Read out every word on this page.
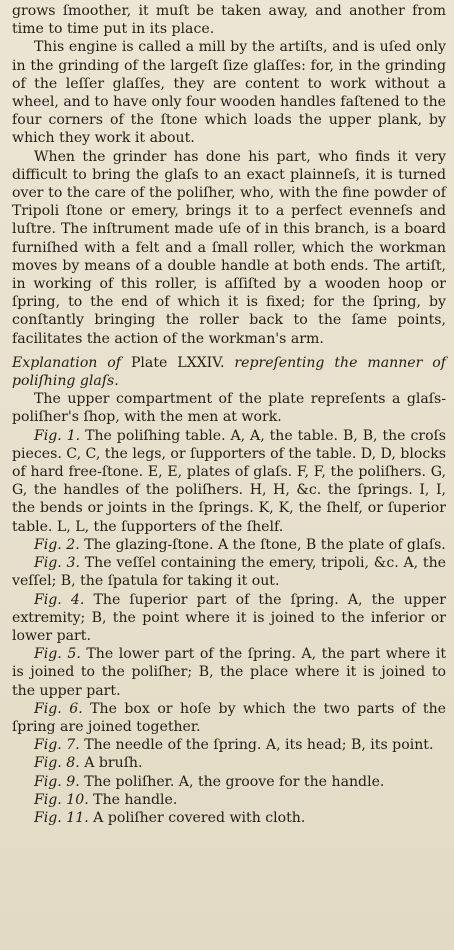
grows ſmoother, it muſt be taken away, and another from time to time put in its place.

This engine is called a mill by the artiſts, and is uſed only in the grinding of the largeſt ſize glaſſes: for, in the grinding of the leſſer glaſſes, they are content to work without a wheel, and to have only four wooden handles faſtened to the four corners of the ſtone which loads the upper plank, by which they work it about.

When the grinder has done his part, who finds it very difficult to bring the glaſs to an exact plainneſs, it is turned over to the care of the poliſher, who, with the fine powder of Tripoli ſtone or emery, brings it to a perfect evenneſs and luſtre. The inſtrument made uſe of in this branch, is a board furniſhed with a felt and a ſmall roller, which the workman moves by means of a double handle at both ends. The artiſt, in working of this roller, is aſſiſted by a wooden hoop or ſpring, to the end of which it is fixed; for the ſpring, by conſtantly bringing the roller back to the ſame points, facilitates the action of the workman's arm.

Explanation of Plate LXXIV. repreſenting the manner of poliſhing glaſs.

The upper compartment of the plate repreſents a glaſs-poliſher's ſhop, with the men at work.

Fig. 1. The poliſhing table. A, A, the table. B, B, the croſs pieces. C, C, the legs, or ſupporters of the table. D, D, blocks of hard free-ſtone. E, E, plates of glaſs. F, F, the poliſhers. G, G, the handles of the poliſhers. H, H, &c. the ſprings. I, I, the bends or joints in the ſprings. K, K, the ſhelf, or ſuperior table. L, L, the ſupporters of the ſhelf.

Fig. 2. The glazing-ſtone. A the ſtone, B the plate of glaſs.

Fig. 3. The veſſel containing the emery, tripoli, &c. A, the veſſel; B, the ſpatula for taking it out.

Fig. 4. The ſuperior part of the ſpring. A, the upper extremity; B, the point where it is joined to the inferior or lower part.

Fig. 5. The lower part of the ſpring. A, the part where it is joined to the poliſher; B, the place where it is joined to the upper part.

Fig. 6. The box or hoſe by which the two parts of the ſpring are joined together.

Fig. 7. The needle of the ſpring. A, its head; B, its point.

Fig. 8. A bruſh.

Fig. 9. The poliſher. A, the groove for the handle.

Fig. 10. The handle.

Fig. 11. A poliſher covered with cloth.
